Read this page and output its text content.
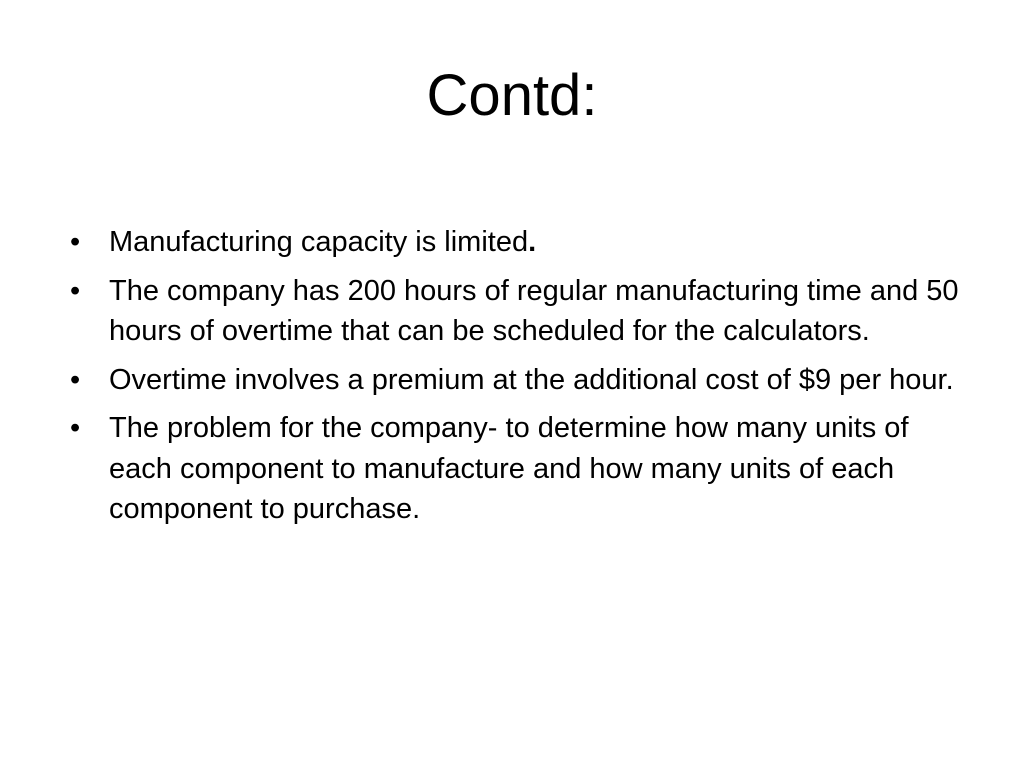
Contd:
• Manufacturing capacity is limited.
• The company has 200 hours of regular manufacturing time and 50 hours of overtime that can be scheduled for the calculators.
• Overtime involves a premium at the additional cost of $9 per hour.
• The problem for the company- to determine how many units of each component to manufacture and how many units of each component to purchase.
